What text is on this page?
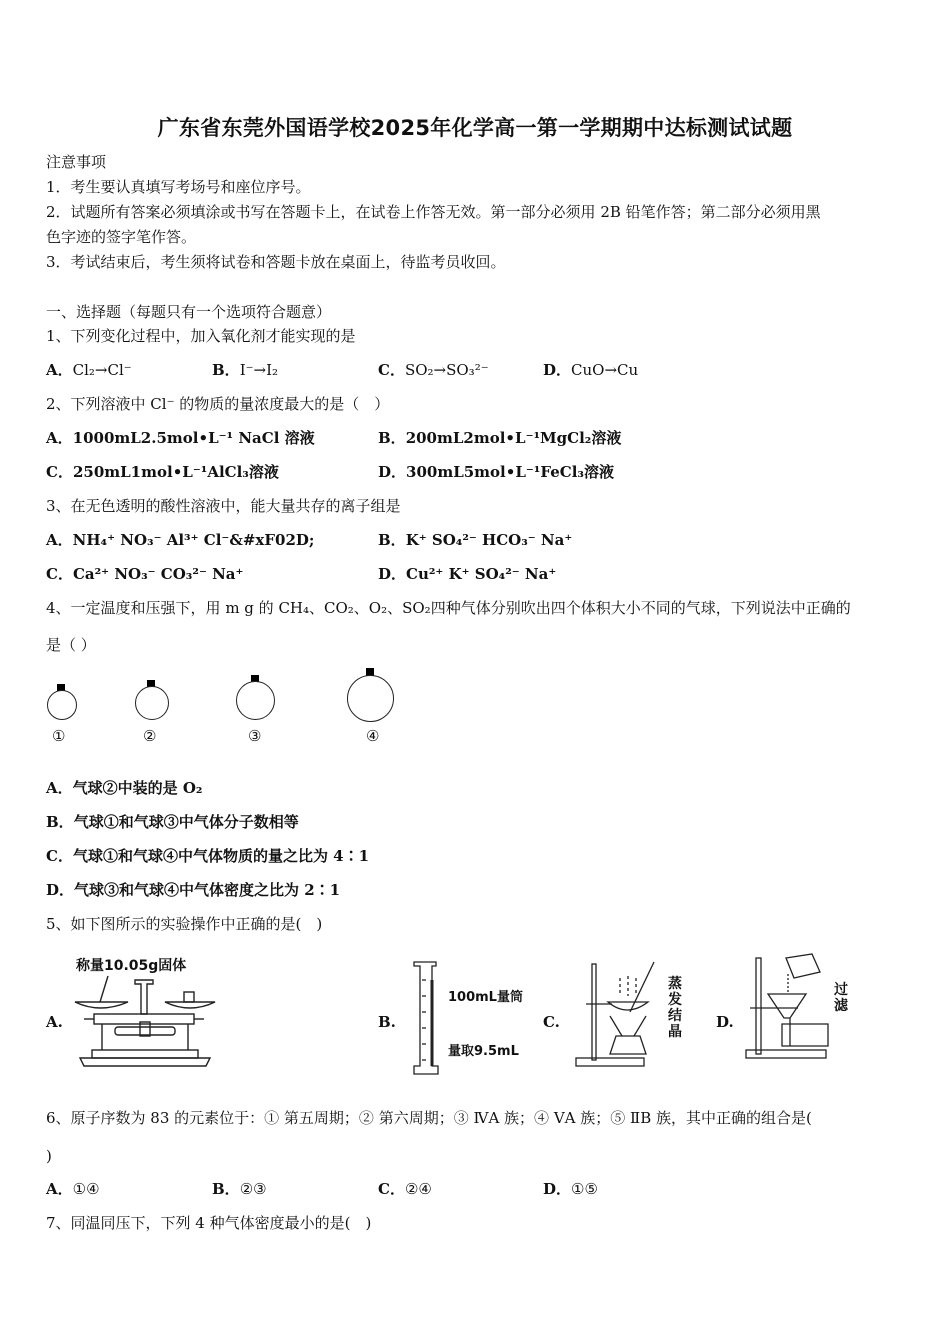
广东省东莞外国语学校2025年化学高一第一学期期中达标测试试题
注意事项
1．考生要认真填写考场号和座位序号。
2．试题所有答案必须填涂或书写在答题卡上，在试卷上作答无效。第一部分必须用 2B 铅笔作答；第二部分必须用黑
色字迹的签字笔作答。
3．考试结束后，考生须将试卷和答题卡放在桌面上，待监考员收回。
一、选择题（每题只有一个选项符合题意）
1、下列变化过程中，加入氧化剂才能实现的是
A．Cl₂→Cl⁻	B．I⁻→I₂	C．SO₂→SO₃²⁻	D．CuO→Cu
2、下列溶液中 Cl⁻ 的物质的量浓度最大的是（　）
A．1000mL2.5mol•L⁻¹ NaCl 溶液	B．200mL2mol•L⁻¹MgCl₂溶液
C．250mL1mol•L⁻¹AlCl₃溶液	D．300mL5mol•L⁻¹FeCl₃溶液
3、在无色透明的酸性溶液中，能大量共存的离子组是
A．NH₄⁺ NO₃⁻ Al³⁺ Cl⁻&#xF02D;	B．K⁺ SO₄²⁻ HCO₃⁻ Na⁺
C．Ca²⁺ NO₃⁻ CO₃²⁻ Na⁺	D．Cu²⁺ K⁺ SO₄²⁻ Na⁺
4、一定温度和压强下，用 m g 的 CH₄、CO₂、O₂、SO₂四种气体分别吹出四个体积大小不同的气球，下列说法中正确的
是（ ）
①	②	③	④
A．气球②中装的是 O₂
B．气球①和气球③中气体分子数相等
C．气球①和气球④中气体物质的量之比为 4∶1
D．气球③和气球④中气体密度之比为 2∶1
5、如下图所示的实验操作中正确的是(　)
A.
称量10.05g固体
B.
100mL量筒
量取9.5mL
C.
蒸发结晶
D.
过滤
6、原子序数为 83 的元素位于：① 第五周期；② 第六周期；③ ⅣA 族；④ ⅤA 族；⑤ ⅡB 族，其中正确的组合是(
)
A．①④	B．②③	C．②④	D．①⑤
7、同温同压下，下列 4 种气体密度最小的是(　)
